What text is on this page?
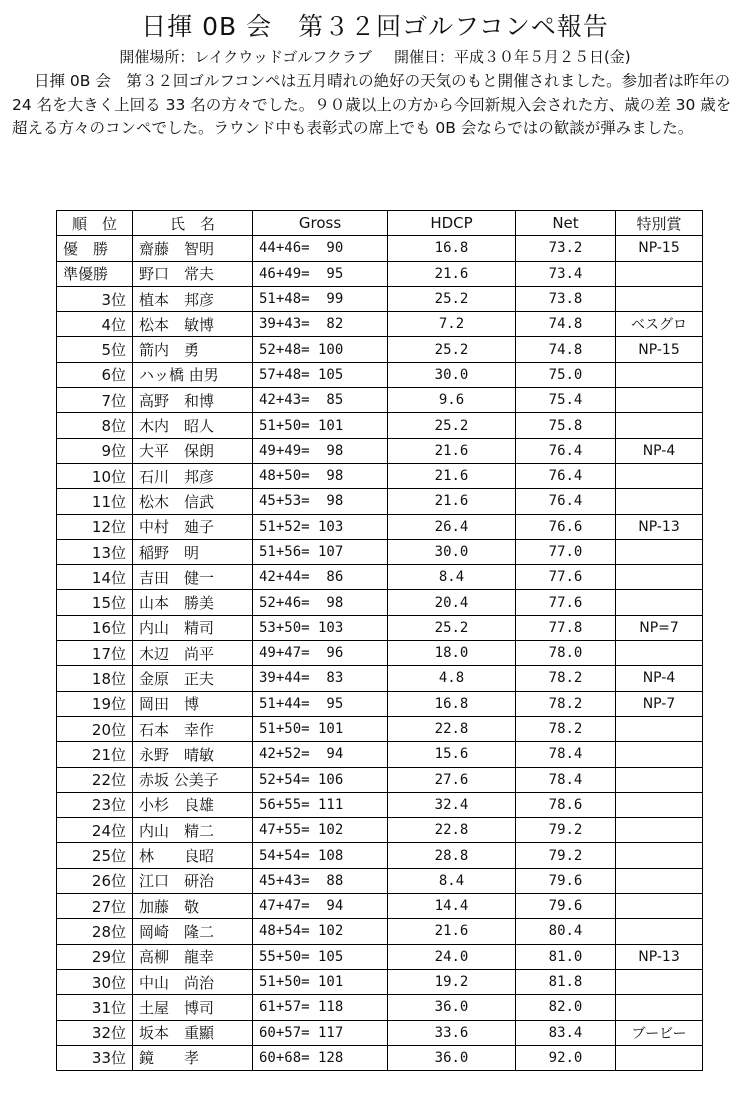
日揮 0B 会　第３２回ゴルフコンペ報告
開催場所：レイクウッドゴルフクラブ 開催日：平成３０年５月２５日(金)
日揮 0B 会　第３２回ゴルフコンペは五月晴れの絶好の天気のもと開催されました。参加者は昨年の 24 名を大きく上回る 33 名の方々でした。９０歳以上の方から今回新規入会された方、歳の差 30 歳を超える方々のコンペでした。ラウンド中も表彰式の席上でも 0B 会ならではの歓談が弾みました。
順　位	氏　名	Gross	HDCP	Net	特別賞
優　勝	齋藤　智明	44+46=  90	16.8	73.2	NP-15
準優勝	野口　常夫	46+49=  95	21.6	73.4	
3位	植本　邦彦	51+48=  99	25.2	73.8	
4位	松本　敏博	39+43=  82	7.2	74.8	ベスグロ
5位	箭内　勇	52+48= 100	25.2	74.8	NP-15
6位	ハッ橋 由男	57+48= 105	30.0	75.0	
7位	高野　和博	42+43=  85	9.6	75.4	
8位	木内　昭人	51+50= 101	25.2	75.8	
9位	大平　保朗	49+49=  98	21.6	76.4	NP-4
10位	石川　邦彦	48+50=  98	21.6	76.4	
11位	松木　信武	45+53=  98	21.6	76.4	
12位	中村　廸子	51+52= 103	26.4	76.6	NP-13
13位	稲野　明	51+56= 107	30.0	77.0	
14位	吉田　健一	42+44=  86	8.4	77.6	
15位	山本　勝美	52+46=  98	20.4	77.6	
16位	内山　精司	53+50= 103	25.2	77.8	NP=7
17位	木辺　尚平	49+47=  96	18.0	78.0	
18位	金原　正夫	39+44=  83	4.8	78.2	NP-4
19位	岡田　博	51+44=  95	16.8	78.2	NP-7
20位	石本　幸作	51+50= 101	22.8	78.2	
21位	永野　晴敏	42+52=  94	15.6	78.4	
22位	赤坂 公美子	52+54= 106	27.6	78.4	
23位	小杉　良雄	56+55= 111	32.4	78.6	
24位	内山　精二	47+55= 102	22.8	79.2	
25位	林　　良昭	54+54= 108	28.8	79.2	
26位	江口　研治	45+43=  88	8.4	79.6	
27位	加藤　敬	47+47=  94	14.4	79.6	
28位	岡崎　隆二	48+54= 102	21.6	80.4	
29位	高柳　龍幸	55+50= 105	24.0	81.0	NP-13
30位	中山　尚治	51+50= 101	19.2	81.8	
31位	土屋　博司	61+57= 118	36.0	82.0	
32位	坂本　重顯	60+57= 117	33.6	83.4	ブービー
33位	鏡　　孝	60+68= 128	36.0	92.0	
